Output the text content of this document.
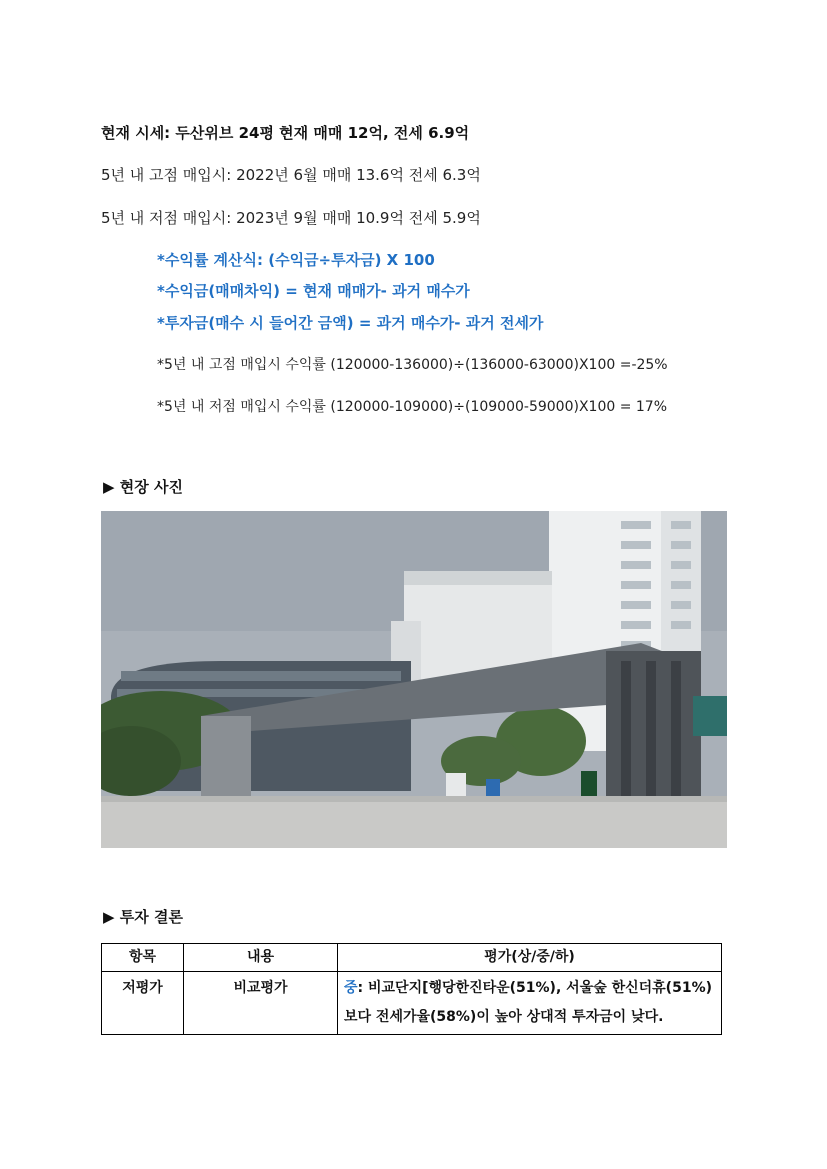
현재 시세: 두산위브 24평 현재 매매 12억, 전세 6.9억
5년 내 고점 매입시: 2022년 6월 매매 13.6억 전세 6.3억
5년 내 저점 매입시: 2023년 9월 매매 10.9억 전세 5.9억
*수익률 계산식: (수익금÷투자금) X 100
*수익금(매매차익) = 현재 매매가- 과거 매수가
*투자금(매수 시 들어간 금액) = 과거 매수가- 과거 전세가
*5년 내 고점 매입시 수익률 (120000-136000)÷(136000-63000)X100 =-25%
*5년 내 저점 매입시 수익률 (120000-109000)÷(109000-59000)X100 = 17%
▶ 현장 사진
▶ 투자 결론
항목	내용	평가(상/중/하)
저평가	비교평가	중: 비교단지[행당한진타운(51%), 서울숲 한신더휴(51%)보다 전세가율(58%)이 높아 상대적 투자금이 낮다.
